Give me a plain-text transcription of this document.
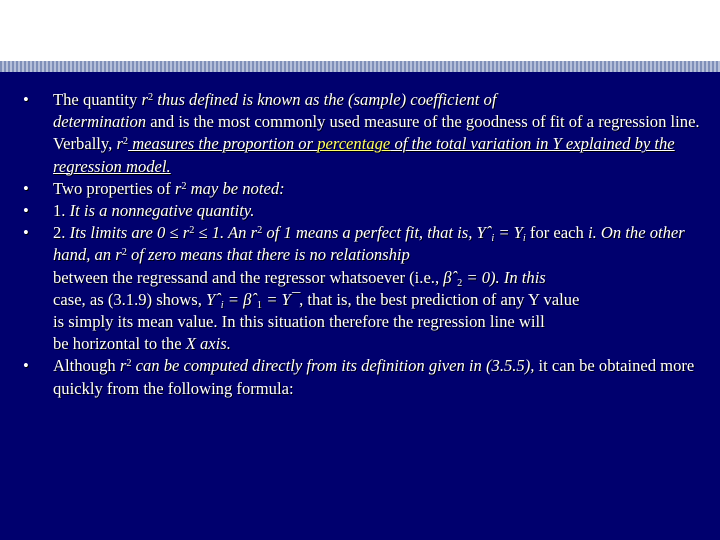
• The quantity $r^2$ thus defined is known as the (sample) coefficient of
determination and is the most commonly used measure of the goodness of fit of a regression line. Verbally, $r^2$ measures the proportion or percentage of the total variation in Y explained by the regression model.
• Two properties of $r^2$ may be noted:
• 1. It is a nonnegative quantity.
• 2. Its limits are $0 \le r^2 \le 1$. An $r^2$ of 1 means a perfect fit, that is, Yˆ$_i$ = $Y_i$ for each i. On the other hand, an $r^2$ of zero means that there is no relationship
between the regressand and the regressor whatsoever (i.e., βˆ$_2$ = 0). In this
case, as (3.1.9) shows, Yˆ$_i$ = βˆ$_1$ = Y¯, that is, the best prediction of any Y value
is simply its mean value. In this situation therefore the regression line will
be horizontal to the X axis.
• Although $r^2$ can be computed directly from its definition given in (3.5.5), it can be obtained more quickly from the following formula:
